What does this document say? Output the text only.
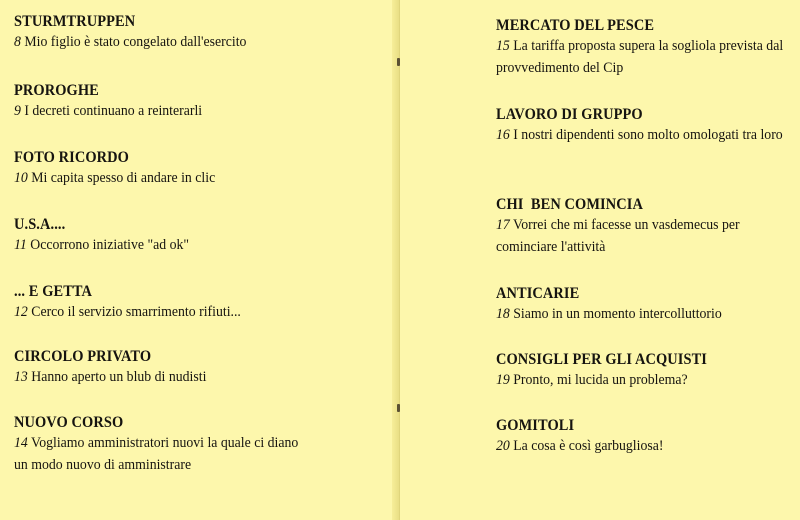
STURMTRUPPEN
8 Mio figlio è stato congelato dall'esercito
PROROGHE
9 I decreti continuano a reinterarli
FOTO RICORDO
10 Mi capita spesso di andare in clic
U.S.A....
11 Occorrono iniziative "ad ok"
... E GETTA
12 Cerco il servizio smarrimento rifiuti...
CIRCOLO PRIVATO
13 Hanno aperto un blub di nudisti
NUOVO CORSO
14 Vogliamo amministratori nuovi la quale ci diano un modo nuovo di amministrare
MERCATO DEL PESCE
15 La tariffa proposta supera la sogliola prevista dal provvedimento del Cip
LAVORO DI GRUPPO
16 I nostri dipendenti sono molto omologati tra loro
CHI  BEN COMINCIA
17 Vorrei che mi facesse un vasdemecus per cominciare l'attività
ANTICARIE
18 Siamo in un momento intercolluttorio
CONSIGLI PER GLI ACQUISTI
19 Pronto, mi lucida un problema?
GOMITOLI
20 La cosa è così garbugliosa!
